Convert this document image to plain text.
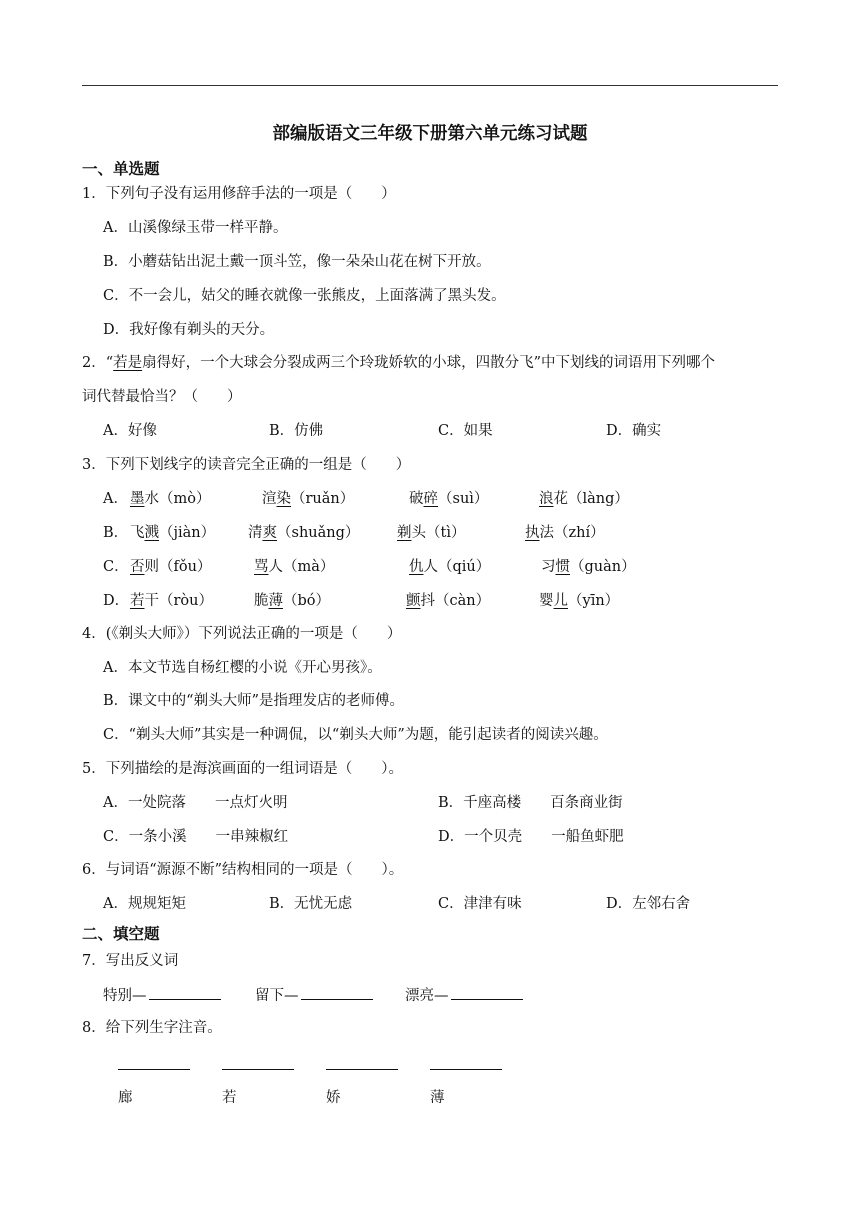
部编版语文三年级下册第六单元练习试题
一、单选题
1．下列句子没有运用修辞手法的一项是（　　）
A．山溪像绿玉带一样平静。
B．小蘑菇钻出泥土戴一顶斗笠，像一朵朵山花在树下开放。
C．不一会儿，姑父的睡衣就像一张熊皮，上面落满了黑头发。
D．我好像有剃头的天分。
2．“若是扇得好，一个大球会分裂成两三个玲珑娇软的小球，四散分飞”中下划线的词语用下列哪个
词代替最恰当？（　　）
A．好像	B．仿佛	C．如果	D．确实
3．下列下划线字的读音完全正确的一组是（　　）
A． 墨水（mò）	渲染（ruǎn）	破碎（suì）	浪花（làng）
B． 飞溅（jiàn） 清爽（shuǎng）	剃头（tì）	执法（zhí）
C． 否则（fǒu）	骂人（mà）	仇人（qiú）	习惯（guàn）
D． 若干（ròu）	脆薄（bó）	颤抖（càn）	婴儿（yīn）
4．(《剃头大师》）下列说法正确的一项是（　　）
A．本文节选自杨红樱的小说《开心男孩》。
B．课文中的“剃头大师”是指理发店的老师傅。
C．“剃头大师”其实是一种调侃，以“剃头大师”为题，能引起读者的阅读兴趣。
5．下列描绘的是海滨画面的一组词语是（　　）。
A．一处院落　　一点灯火明	B．千座高楼　　百条商业街
C．一条小溪　　一串辣椒红	D．一个贝壳　　一船鱼虾肥
6．与词语“源源不断”结构相同的一项是（　　）。
A．规规矩矩	B．无忧无虑	C．津津有味	D．左邻右舍
二、填空题
7．写出反义词
特别—	留下—	漂亮—
8．给下列生字注音。
廊	若	娇	薄
